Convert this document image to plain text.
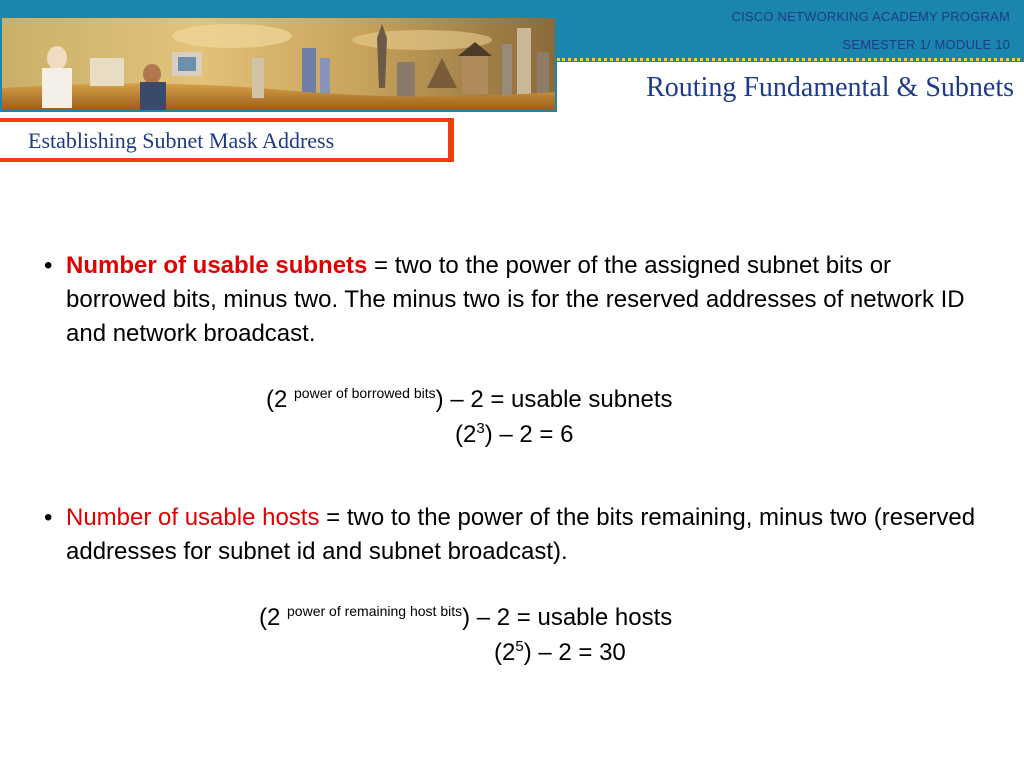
CISCO NETWORKING ACADEMY PROGRAM
SEMESTER 1/ MODULE 10
Routing Fundamental & Subnets
Establishing Subnet Mask Address
• Number of usable subnets = two to the power of the assigned subnet bits or borrowed bits, minus two. The minus two is for the reserved addresses of network ID and network broadcast.
(2 $^{power of borrowed bits}$) – 2 = usable subnets
$(2^3) - 2 = 6$
• Number of usable hosts = two to the power of the bits remaining, minus two (reserved addresses for subnet id and subnet broadcast).
(2 $^{power of remaining host bits}$) – 2 = usable hosts
$(2^5) - 2 = 30$
